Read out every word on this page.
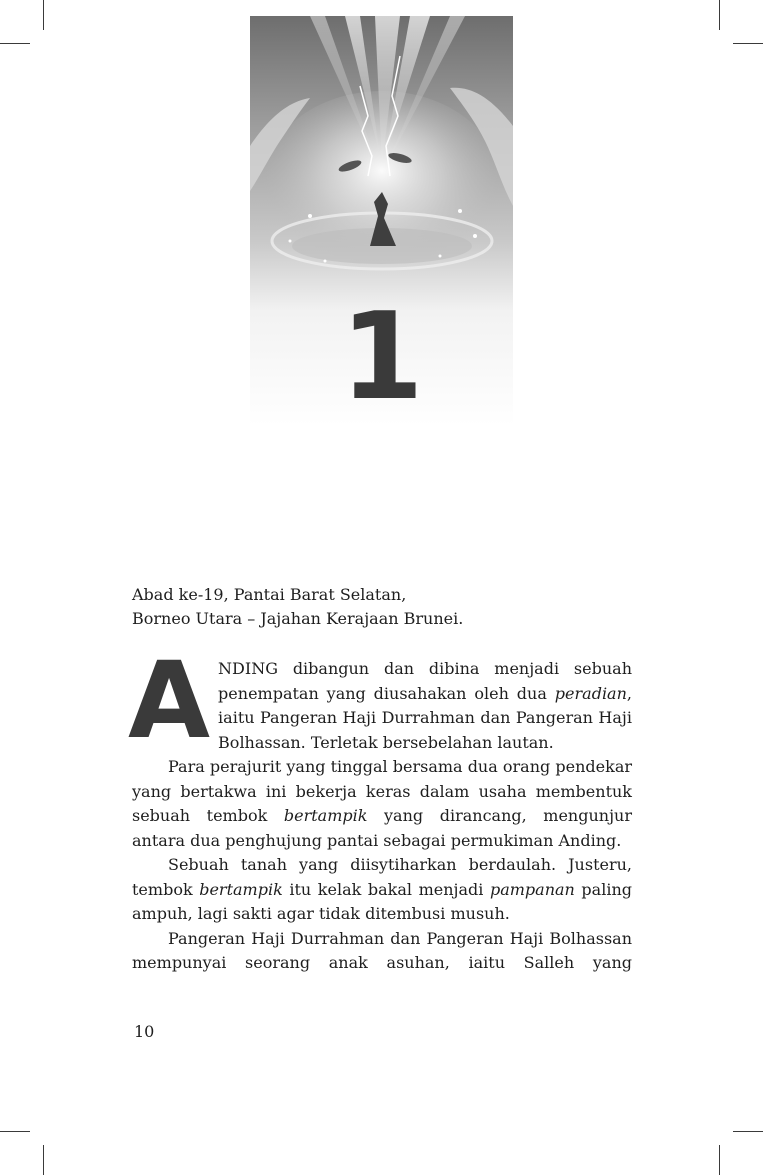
1
Abad ke-19, Pantai Barat Selatan,
Borneo Utara – Jajahan Kerajaan Brunei.

A NDING dibangun dan dibina menjadi sebuah penempatan yang diusahakan oleh dua peradian, iaitu Pangeran Haji Durrahman dan Pangeran Haji Bolhassan. Terletak bersebelahan lautan.

Para perajurit yang tinggal bersama dua orang pendekar yang bertakwa ini bekerja keras dalam usaha membentuk sebuah tembok bertampik yang dirancang, mengunjur antara dua penghujung pantai sebagai permukiman Anding.

Sebuah tanah yang diisytiharkan berdaulah. Justeru, tembok bertampik itu kelak bakal menjadi pampanan paling ampuh, lagi sakti agar tidak ditembusi musuh.

Pangeran Haji Durrahman dan Pangeran Haji Bolhassan mempunyai seorang anak asuhan, iaitu Salleh yang

10
